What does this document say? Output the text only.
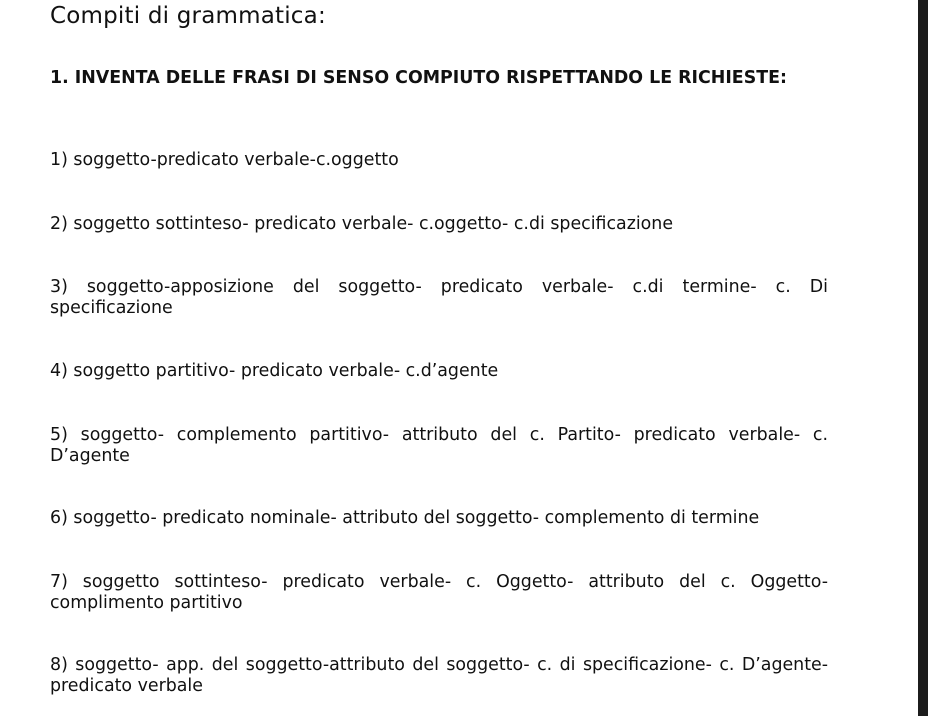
Compiti di grammatica:
1. INVENTA DELLE FRASI DI SENSO COMPIUTO RISPETTANDO LE RICHIESTE:

1) soggetto-predicato verbale-c.oggetto

2) soggetto sottinteso- predicato verbale- c.oggetto- c.di specificazione

3) soggetto-apposizione del soggetto- predicato verbale- c.di termine- c. Di specificazione

4) soggetto partitivo- predicato verbale- c.d’agente

5) soggetto- complemento partitivo- attributo del c. Partito- predicato verbale- c. D’agente

6) soggetto- predicato nominale- attributo del soggetto- complemento di termine

7) soggetto sottinteso- predicato verbale- c. Oggetto- attributo del c. Oggetto- complimento partitivo

8) soggetto- app. del soggetto-attributo del soggetto- c. di specificazione- c. D’agente- predicato verbale
